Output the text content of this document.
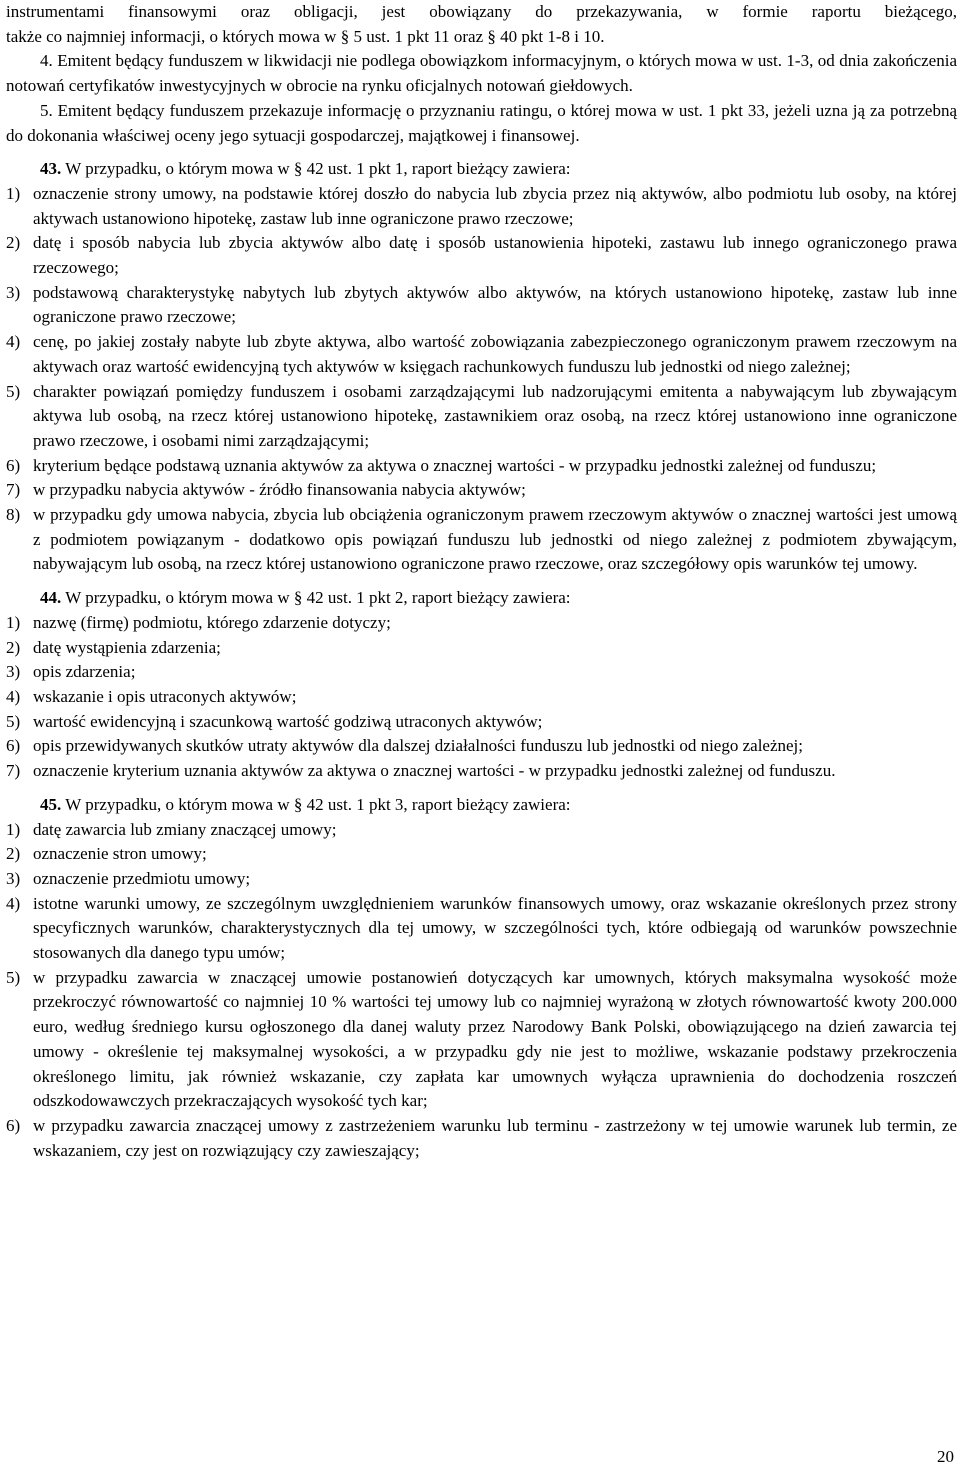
instrumentami finansowymi oraz obligacji, jest obowiązany do przekazywania, w formie raportu bieżącego,

także co najmniej informacji, o których mowa w § 5 ust. 1 pkt 11 oraz § 40 pkt 1-8 i 10.

4. Emitent będący funduszem w likwidacji nie podlega obowiązkom informacyjnym, o których mowa w ust. 1-3, od dnia zakończenia notowań certyfikatów inwestycyjnych w obrocie na rynku oficjalnych notowań giełdowych.

5. Emitent będący funduszem przekazuje informację o przyznaniu ratingu, o której mowa w ust. 1 pkt 33, jeżeli uzna ją za potrzebną do dokonania właściwej oceny jego sytuacji gospodarczej, majątkowej i finansowej.

43. W przypadku, o którym mowa w § 42 ust. 1 pkt 1, raport bieżący zawiera:

1) oznaczenie strony umowy, na podstawie której doszło do nabycia lub zbycia przez nią aktywów, albo podmiotu lub osoby, na której aktywach ustanowiono hipotekę, zastaw lub inne ograniczone prawo rzeczowe;
2) datę i sposób nabycia lub zbycia aktywów albo datę i sposób ustanowienia hipoteki, zastawu lub innego ograniczonego prawa rzeczowego;
3) podstawową charakterystykę nabytych lub zbytych aktywów albo aktywów, na których ustanowiono hipotekę, zastaw lub inne ograniczone prawo rzeczowe;
4) cenę, po jakiej zostały nabyte lub zbyte aktywa, albo wartość zobowiązania zabezpieczonego ograniczonym prawem rzeczowym na aktywach oraz wartość ewidencyjną tych aktywów w księgach rachunkowych funduszu lub jednostki od niego zależnej;
5) charakter powiązań pomiędzy funduszem i osobami zarządzającymi lub nadzorującymi emitenta a nabywającym lub zbywającym aktywa lub osobą, na rzecz której ustanowiono hipotekę, zastawnikiem oraz osobą, na rzecz której ustanowiono inne ograniczone prawo rzeczowe, i osobami nimi zarządzającymi;
6) kryterium będące podstawą uznania aktywów za aktywa o znacznej wartości - w przypadku jednostki zależnej od funduszu;
7) w przypadku nabycia aktywów - źródło finansowania nabycia aktywów;
8) w przypadku gdy umowa nabycia, zbycia lub obciążenia ograniczonym prawem rzeczowym aktywów o znacznej wartości jest umową z podmiotem powiązanym - dodatkowo opis powiązań funduszu lub jednostki od niego zależnej z podmiotem zbywającym, nabywającym lub osobą, na rzecz której ustanowiono ograniczone prawo rzeczowe, oraz szczegółowy opis warunków tej umowy.

44. W przypadku, o którym mowa w § 42 ust. 1 pkt 2, raport bieżący zawiera:

1) nazwę (firmę) podmiotu, którego zdarzenie dotyczy;
2) datę wystąpienia zdarzenia;
3) opis zdarzenia;
4) wskazanie i opis utraconych aktywów;
5) wartość ewidencyjną i szacunkową wartość godziwą utraconych aktywów;
6) opis przewidywanych skutków utraty aktywów dla dalszej działalności funduszu lub jednostki od niego zależnej;
7) oznaczenie kryterium uznania aktywów za aktywa o znacznej wartości - w przypadku jednostki zależnej od funduszu.

45. W przypadku, o którym mowa w § 42 ust. 1 pkt 3, raport bieżący zawiera:

1) datę zawarcia lub zmiany znaczącej umowy;
2) oznaczenie stron umowy;
3) oznaczenie przedmiotu umowy;
4) istotne warunki umowy, ze szczególnym uwzględnieniem warunków finansowych umowy, oraz wskazanie określonych przez strony specyficznych warunków, charakterystycznych dla tej umowy, w szczególności tych, które odbiegają od warunków powszechnie stosowanych dla danego typu umów;
5) w przypadku zawarcia w znaczącej umowie postanowień dotyczących kar umownych, których maksymalna wysokość może przekroczyć równowartość co najmniej 10 % wartości tej umowy lub co najmniej wyrażoną w złotych równowartość kwoty 200.000 euro, według średniego kursu ogłoszonego dla danej waluty przez Narodowy Bank Polski, obowiązującego na dzień zawarcia tej umowy - określenie tej maksymalnej wysokości, a w przypadku gdy nie jest to możliwe, wskazanie podstawy przekroczenia określonego limitu, jak również wskazanie, czy zapłata kar umownych wyłącza uprawnienia do dochodzenia roszczeń odszkodowawczych przekraczających wysokość tych kar;
6) w przypadku zawarcia znaczącej umowy z zastrzeżeniem warunku lub terminu - zastrzeżony w tej umowie warunek lub termin, ze wskazaniem, czy jest on rozwiązujący czy zawieszający;
20
